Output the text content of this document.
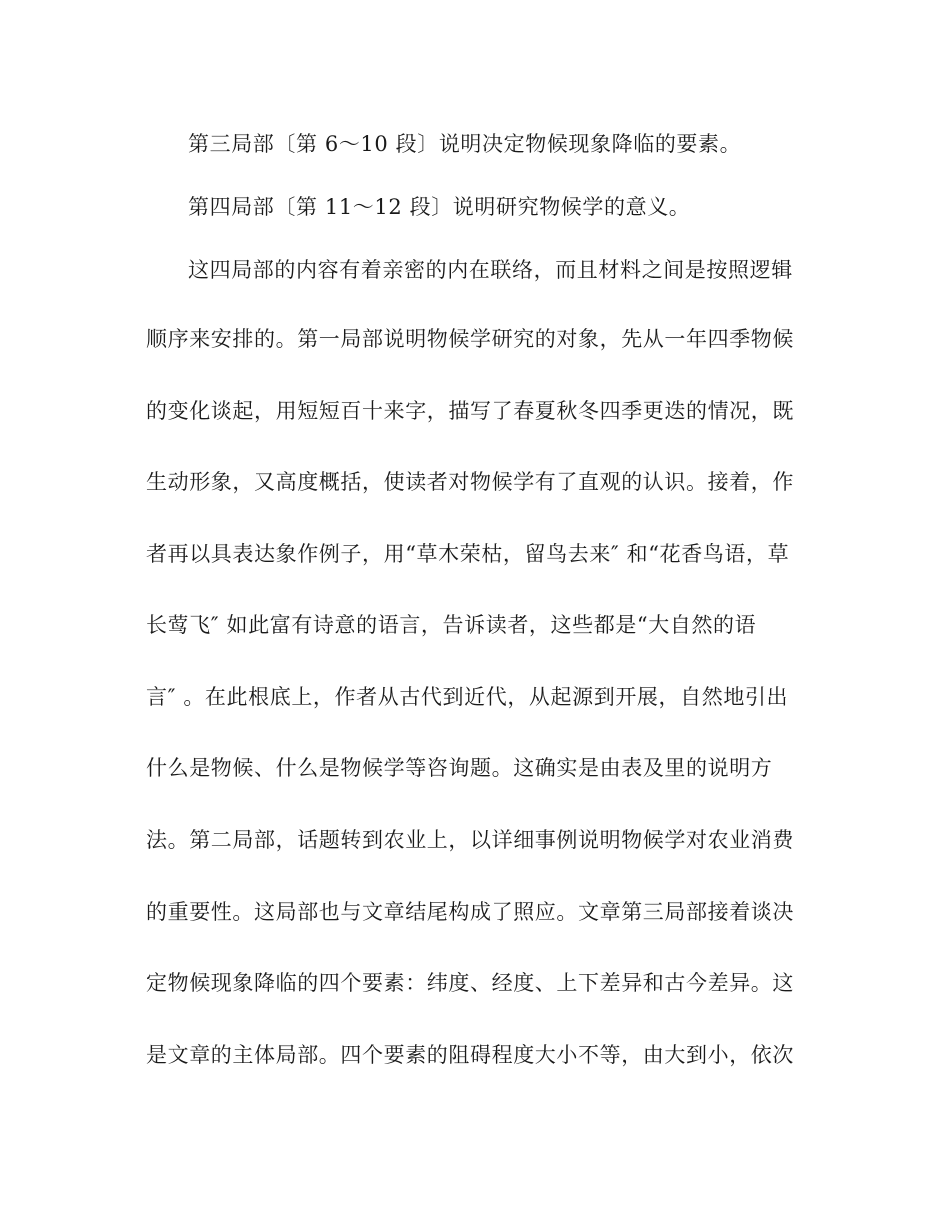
第三局部〔第 6～10 段〕说明决定物候现象降临的要素。
第四局部〔第 11～12 段〕说明研究物候学的意义。
这四局部的内容有着亲密的内在联络，而且材料之间是按照逻辑
顺序来安排的。第一局部说明物候学研究的对象，先从一年四季物候
的变化谈起，用短短百十来字，描写了春夏秋冬四季更迭的情况，既
生动形象，又高度概括，使读者对物候学有了直观的认识。接着，作
者再以具表达象作例子，用“草木荣枯，留鸟去来″ 和“花香鸟语，草
长莺飞″ 如此富有诗意的语言，告诉读者，这些都是“大自然的语
言″ 。在此根底上，作者从古代到近代，从起源到开展，自然地引出
什么是物候、什么是物候学等咨询题。这确实是由表及里的说明方
法。第二局部，话题转到农业上，以详细事例说明物候学对农业消费
的重要性。这局部也与文章结尾构成了照应。文章第三局部接着谈决
定物候现象降临的四个要素：纬度、经度、上下差异和古今差异。这
是文章的主体局部。四个要素的阻碍程度大小不等，由大到小，依次
